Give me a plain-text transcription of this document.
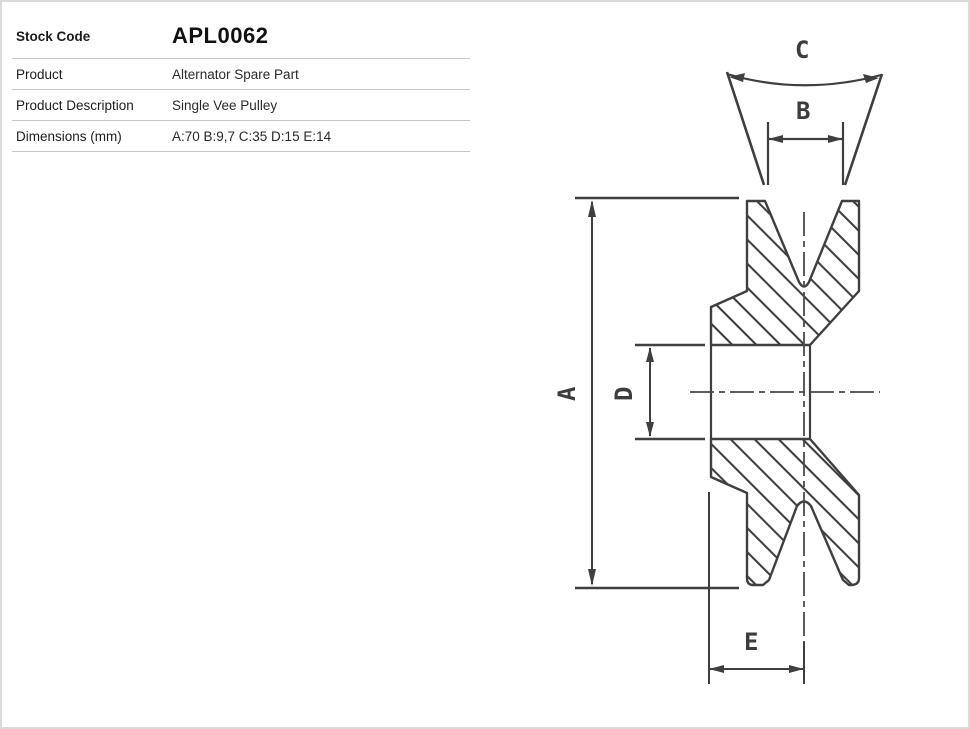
Stock Code	APL0062
Product	Alternator Spare Part
Product Description	Single Vee Pulley
Dimensions (mm)	A:70 B:9,7 C:35 D:15 E:14
C
B
A D
E
